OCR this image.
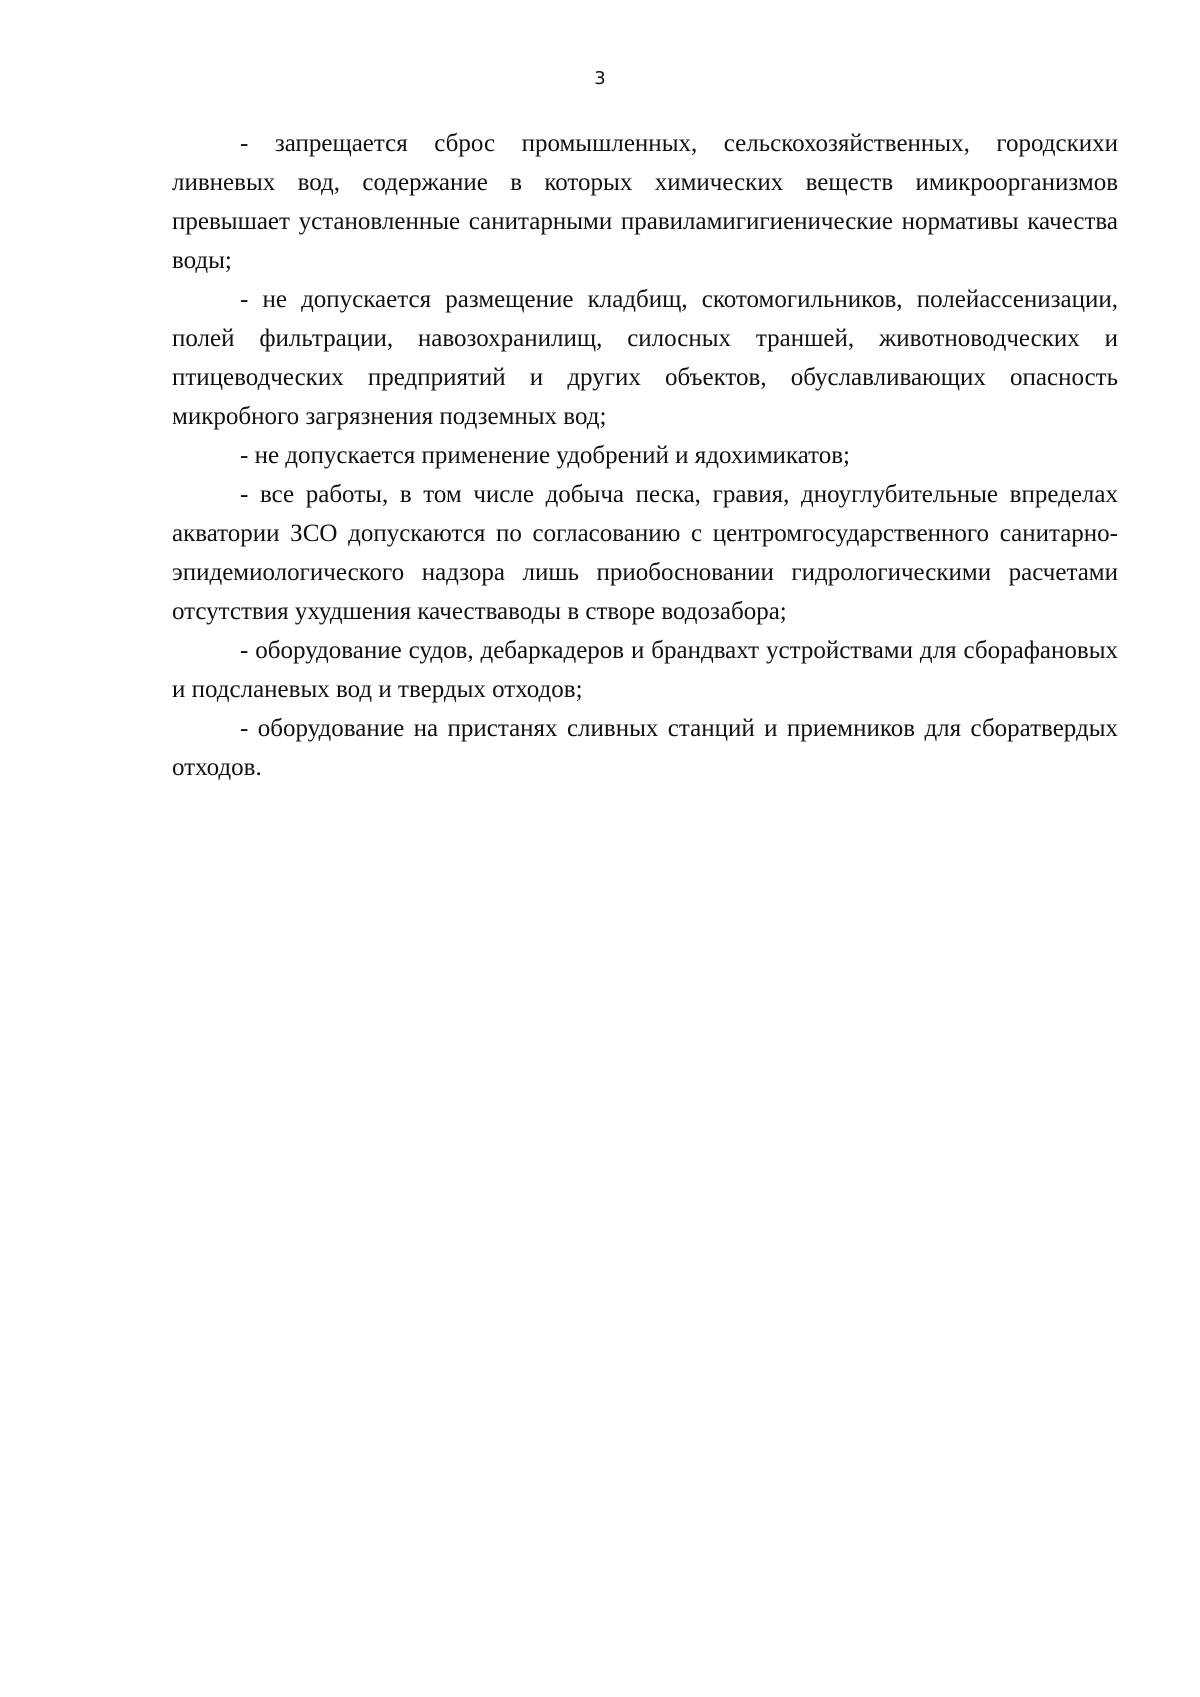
3

- запрещается сброс промышленных, сельскохозяйственных, городскихи ливневых вод, содержание в которых химических веществ имикроорганизмов превышает установленные санитарными правиламигигиенические нормативы качества воды;

- не допускается размещение кладбищ, скотомогильников, полейассенизации, полей фильтрации, навозохранилищ, силосных траншей, животноводческих и птицеводческих предприятий и других объектов, обуславливающих опасность микробного загрязнения подземных вод;

- не допускается применение удобрений и ядохимикатов;

- все работы, в том числе добыча песка, гравия, дноуглубительные впределах акватории ЗСО допускаются по согласованию с центромгосударственного санитарно-эпидемиологического надзора лишь приобосновании гидрологическими расчетами отсутствия ухудшения качестваводы в створе водозабора;

- оборудование судов, дебаркадеров и брандвахт устройствами для сборафановых и подсланевых вод и твердых отходов;

- оборудование на пристанях сливных станций и приемников для сборатвердых отходов.
